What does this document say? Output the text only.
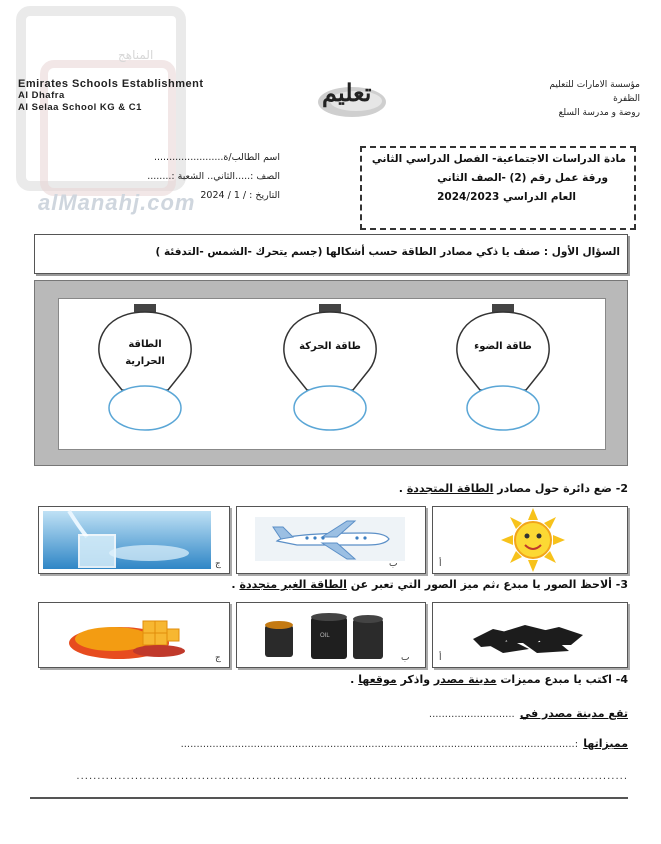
المناهج
alManahj.com
Emirates Schools Establishment
Al Dhafra
Al Selaa School KG & C1
تعليم	مؤسسة الامارات للتعليم
الظفرة
روضة و مدرسة السلع
اسم الطالب/ة.......................
الصف :.....الثاني.. الشعبة :........
التاريخ : / 1 / 2024
مادة الدراسات الاجتماعية- الفصل الدراسي الثاني
ورقة عمل رقم (2) -الصف الثاني
العام الدراسي 2024/2023
السؤال الأول : صنف يا ذكي مصادر الطاقة حسب أشكالها (جسم يتحرك -الشمس -التدفئة )
طاقة الضوء
طاقة الحركة
الطاقة الحرارية
2- ضع دائرة حول مصادر الطاقة المتجددة .
أ
ب
ج
3- ألاحظ الصور يا مبدع ،ثم ميز الصور التي تعبر عن الطاقة الغير متجددة .
أ
OIL
ب
ج
4- اكتب يا مبدع مميزات مدينة مصدر واذكر موقعها .
تقع مدينة مصدر في ...........................
مميزاتها :............................................................................................................................
....................................................................................................................................
